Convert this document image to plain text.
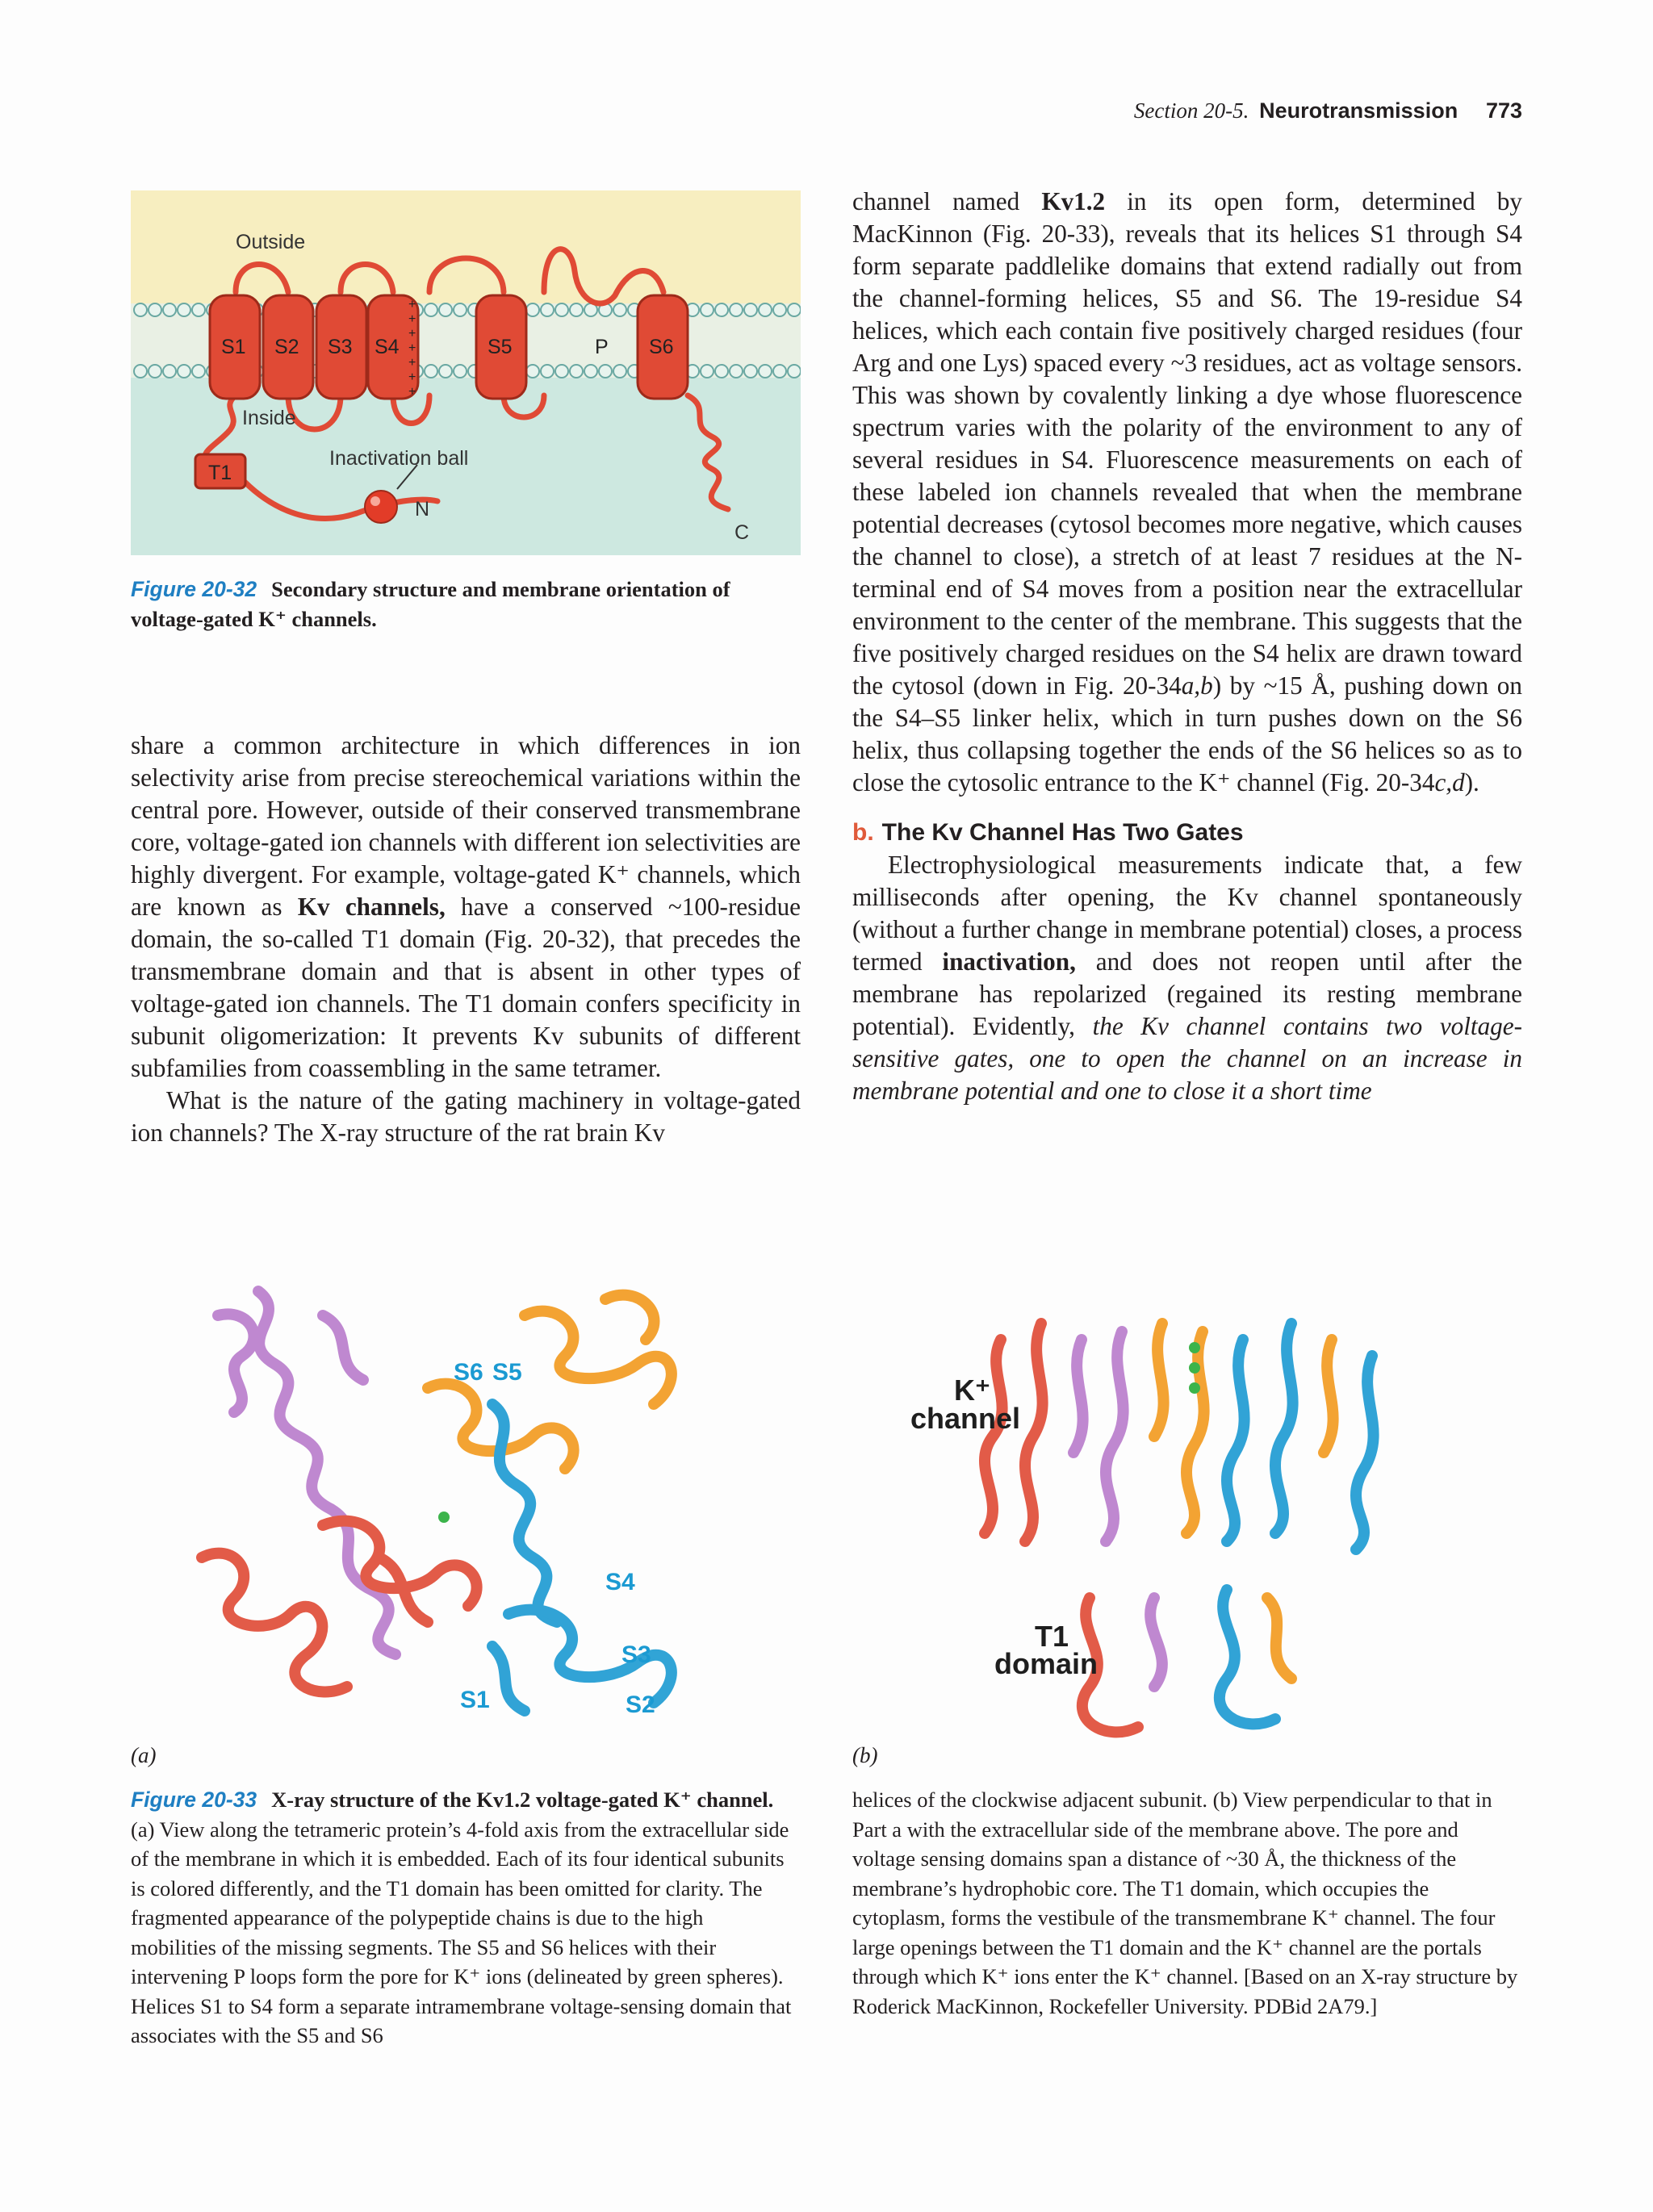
Section 20-5. Neurotransmission 773
+
+
+
+
+
+
+
Outside
Inside
S1 S2 S3 S4	S5	P S6
T1
Inactivation ball
N
C
Figure 20-32 Secondary structure and membrane orientation of voltage-gated K⁺ channels.

share a common architecture in which differences in ion selectivity arise from precise stereochemical variations within the central pore. However, outside of their conserved transmembrane core, voltage-gated ion channels with different ion selectivities are highly divergent. For example, voltage-gated K⁺ channels, which are known as Kv channels, have a conserved ~100-residue domain, the so-called T1 domain (Fig. 20-32), that precedes the transmembrane domain and that is absent in other types of voltage-gated ion channels. The T1 domain confers specificity in subunit oligomerization: It prevents Kv subunits of different subfamilies from coassembling in the same tetramer.

What is the nature of the gating machinery in voltage-gated ion channels? The X-ray structure of the rat brain Kv

channel named Kv1.2 in its open form, determined by MacKinnon (Fig. 20-33), reveals that its helices S1 through S4 form separate paddlelike domains that extend radially out from the channel-forming helices, S5 and S6. The 19-residue S4 helices, which each contain five positively charged residues (four Arg and one Lys) spaced every ~3 residues, act as voltage sensors. This was shown by covalently linking a dye whose fluorescence spectrum varies with the polarity of the environment to any of several residues in S4. Fluorescence measurements on each of these labeled ion channels revealed that when the membrane potential decreases (cytosol becomes more negative, which causes the channel to close), a stretch of at least 7 residues at the N-terminal end of S4 moves from a position near the extracellular environment to the center of the membrane. This suggests that the five positively charged residues on the S4 helix are drawn toward the cytosol (down in Fig. 20-34a,b) by ~15 Å, pushing down on the S4–S5 linker helix, which in turn pushes down on the S6 helix, thus collapsing together the ends of the S6 helices so as to close the cytosolic entrance to the K⁺ channel (Fig. 20-34c,d).

b. The Kv Channel Has Two Gates

Electrophysiological measurements indicate that, a few milliseconds after opening, the Kv channel spontaneously (without a further change in membrane potential) closes, a process termed inactivation, and does not reopen until after the membrane has repolarized (regained its resting membrane potential). Evidently, the Kv channel contains two voltage-sensitive gates, one to open the channel on an increase in membrane potential and one to close it a short time

S6 S5
S4
S3
S2
S1
(a)
K⁺
channel
T1
domain
(b)
Figure 20-33 X-ray structure of the Kv1.2 voltage-gated K⁺ channel. (a) View along the tetrameric protein’s 4-fold axis from the extracellular side of the membrane in which it is embedded. Each of its four identical subunits is colored differently, and the T1 domain has been omitted for clarity. The fragmented appearance of the polypeptide chains is due to the high mobilities of the missing segments. The S5 and S6 helices with their intervening P loops form the pore for K⁺ ions (delineated by green spheres). Helices S1 to S4 form a separate intramembrane voltage-sensing domain that associates with the S5 and S6
helices of the clockwise adjacent subunit. (b) View perpendicular to that in Part a with the extracellular side of the membrane above. The pore and voltage sensing domains span a distance of ~30 Å, the thickness of the membrane’s hydrophobic core. The T1 domain, which occupies the cytoplasm, forms the vestibule of the transmembrane K⁺ channel. The four large openings between the T1 domain and the K⁺ channel are the portals through which K⁺ ions enter the K⁺ channel. [Based on an X-ray structure by Roderick MacKinnon, Rockefeller University. PDBid 2A79.]
